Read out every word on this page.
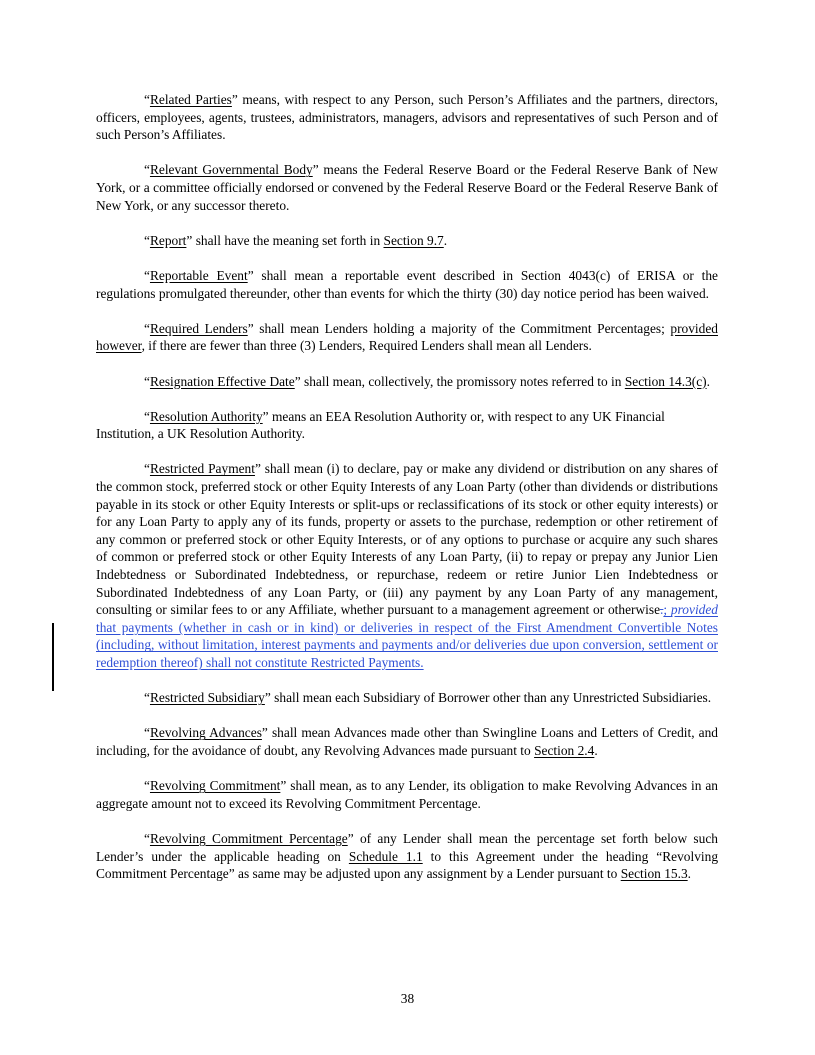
“Related Parties” means, with respect to any Person, such Person’s Affiliates and the partners, directors, officers, employees, agents, trustees, administrators, managers, advisors and representatives of such Person and of such Person’s Affiliates.

“Relevant Governmental Body” means the Federal Reserve Board or the Federal Reserve Bank of New York, or a committee officially endorsed or convened by the Federal Reserve Board or the Federal Reserve Bank of New York, or any successor thereto.

“Report” shall have the meaning set forth in Section 9.7.

“Reportable Event” shall mean a reportable event described in Section 4043(c) of ERISA or the regulations promulgated thereunder, other than events for which the thirty (30) day notice period has been waived.

“Required Lenders” shall mean Lenders holding a majority of the Commitment Percentages; provided however, if there are fewer than three (3) Lenders, Required Lenders shall mean all Lenders.

“Resignation Effective Date” shall mean, collectively, the promissory notes referred to in Section 14.3(c).

“Resolution Authority” means an EEA Resolution Authority or, with respect to any UK Financial Institution, a UK Resolution Authority.

“Restricted Payment” shall mean (i) to declare, pay or make any dividend or distribution on any shares of the common stock, preferred stock or other Equity Interests of any Loan Party (other than dividends or distributions payable in its stock or other Equity Interests or split-ups or reclassifications of its stock or other equity interests) or for any Loan Party to apply any of its funds, property or assets to the purchase, redemption or other retirement of any common or preferred stock or other Equity Interests, or of any options to purchase or acquire any such shares of common or preferred stock or other Equity Interests of any Loan Party, (ii) to repay or prepay any Junior Lien Indebtedness or Subordinated Indebtedness, or repurchase, redeem or retire Junior Lien Indebtedness or Subordinated Indebtedness of any Loan Party, or (iii) any payment by any Loan Party of any management, consulting or similar fees to or any Affiliate, whether pursuant to a management agreement or otherwise.; provided that payments (whether in cash or in kind) or deliveries in respect of the First Amendment Convertible Notes (including, without limitation, interest payments and payments and/or deliveries due upon conversion, settlement or redemption thereof) shall not constitute Restricted Payments.

“Restricted Subsidiary” shall mean each Subsidiary of Borrower other than any Unrestricted Subsidiaries.

“Revolving Advances” shall mean Advances made other than Swingline Loans and Letters of Credit, and including, for the avoidance of doubt, any Revolving Advances made pursuant to Section 2.4.

“Revolving Commitment” shall mean, as to any Lender, its obligation to make Revolving Advances in an aggregate amount not to exceed its Revolving Commitment Percentage.

“Revolving Commitment Percentage” of any Lender shall mean the percentage set forth below such Lender’s under the applicable heading on Schedule 1.1 to this Agreement under the heading “Revolving Commitment Percentage” as same may be adjusted upon any assignment by a Lender pursuant to Section 15.3.

38
